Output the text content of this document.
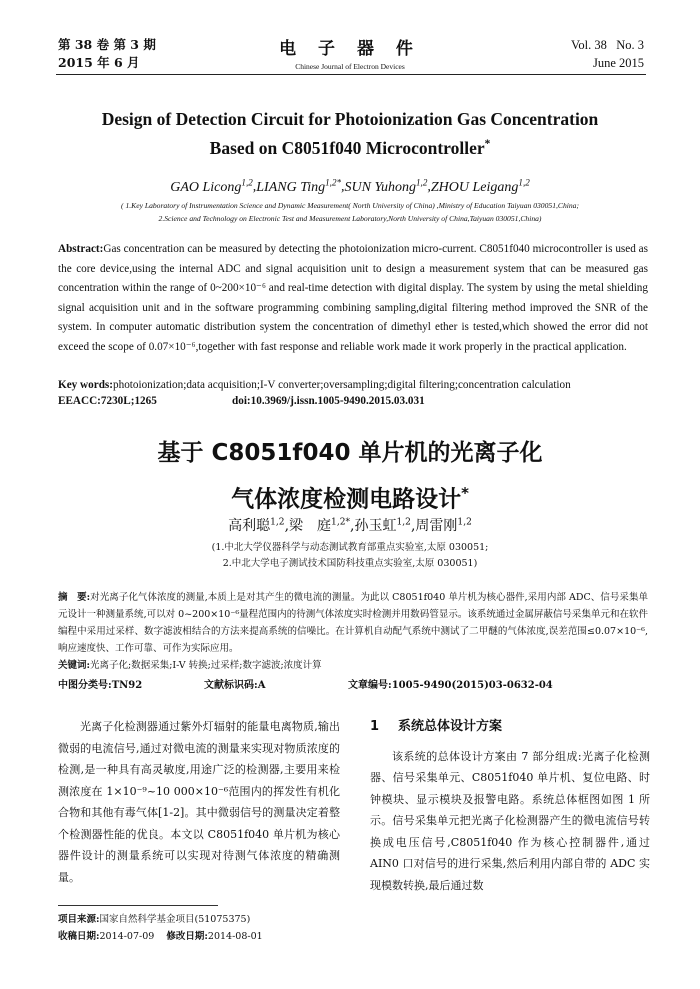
第 38 卷 第 3 期
2015 年 6 月
电 子 器 件
Chinese Journal of Electron Devices
Vol. 38   No. 3
June 2015
Design of Detection Circuit for Photoionization Gas Concentration
Based on C8051f040 Microcontroller*
GAO Licong$^{1,2}$,LIANG Ting$^{1,2*}$,SUN Yuhong$^{1,2}$,ZHOU Leigang$^{1,2}$
( 1.Key Laboratory of Instrumentation Science and Dynamic Measurement( North University of China) ,Ministry of Education Taiyuan 030051,China;
2.Science and Technology on Electronic Test and Measurement Laboratory,North University of China,Taiyuan 030051,China)
Abstract:Gas concentration can be measured by detecting the photoionization micro-current. C8051f040 microcontroller is used as the core device,using the internal ADC and signal acquisition unit to design a measurement system that can be measured gas concentration within the range of 0~200×10⁻⁶ and real-time detection with digital display. The system by using the metal shielding signal acquisition unit and in the software programming combining sampling,digital filtering method improved the SNR of the system. In computer automatic distribution system the concentration of dimethyl ether is tested,which showed the error did not exceed the scope of 0.07×10⁻⁶,together with fast response and reliable work made it work properly in the practical application.
Key words:photoionization;data acquisition;I-V converter;oversampling;digital filtering;concentration calculation
EEACC:7230L;1265	doi:10.3969/j.issn.1005-9490.2015.03.031
基于 C8051f040 单片机的光离子化
气体浓度检测电路设计*
高利聪$^{1,2}$,梁　庭$^{1,2*}$,孙玉虹$^{1,2}$,周雷刚$^{1,2}$
(1.中北大学仪器科学与动态测试教育部重点实验室,太原 030051;
2.中北大学电子测试技术国防科技重点实验室,太原 030051)
摘　要:对光离子化气体浓度的测量,本质上是对其产生的微电流的测量。为此以 C8051f040 单片机为核心器件,采用内部 ADC、信号采集单元设计一种测量系统,可以对 0~200×10⁻⁶量程范围内的待测气体浓度实时检测并用数码管显示。该系统通过金属屏蔽信号采集单元和在软件编程中采用过采样、数字滤波相结合的方法来提高系统的信噪比。在计算机自动配气系统中测试了二甲醚的气体浓度,误差范围≤0.07×10⁻⁶,响应速度快、工作可靠、可作为实际应用。
关键词:光离子化;数据采集;I-V 转换;过采样;数字滤波;浓度计算
中图分类号:TN92	文献标识码:A	文章编号:1005-9490(2015)03-0632-04
光离子化检测器通过紫外灯辐射的能量电离物质,输出微弱的电流信号,通过对微电流的测量来实现对物质浓度的检测,是一种具有高灵敏度,用途广泛的检测器,主要用来检测浓度在 1×10⁻⁹~10 000×10⁻⁶范围内的挥发性有机化合物和其他有毒气体[1-2]。其中微弱信号的测量决定着整个检测器性能的优良。本文以 C8051f040 单片机为核心器件设计的测量系统可以实现对待测气体浓度的精确测量。
1 系统总体设计方案
该系统的总体设计方案由 7 部分组成:光离子化检测器、信号采集单元、C8051f040 单片机、复位电路、时钟模块、显示模块及报警电路。系统总体框图如图 1 所示。信号采集单元把光离子化检测器产生的微电流信号转换成电压信号,C8051f040 作为核心控制器件,通过 AIN0 口对信号的进行采集,然后利用内部自带的 ADC 实现模数转换,最后通过数
项目来源:国家自然科学基金项目(51075375)
收稿日期:2014-07-09 修改日期:2014-08-01
